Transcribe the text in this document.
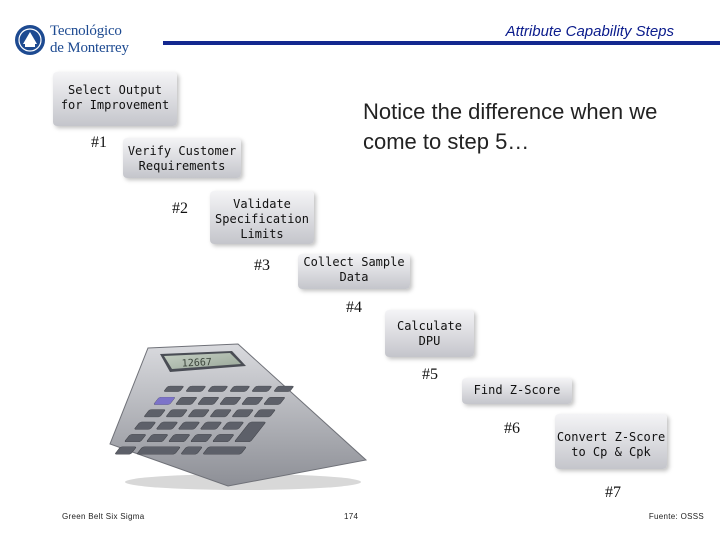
Tecnológico
de Monterrey
Attribute Capability Steps
Notice the difference when we come to step 5…
Select Output for Improvement
#1 Verify Customer Requirements
#2	Validate Specification Limits
#3	Collect Sample Data
#4
Calculate DPU
#5
Find Z-Score
#6	Convert Z-Score to Cp & Cpk
#7
12667
Green Belt Six Sigma	174	Fuente: OSSS
